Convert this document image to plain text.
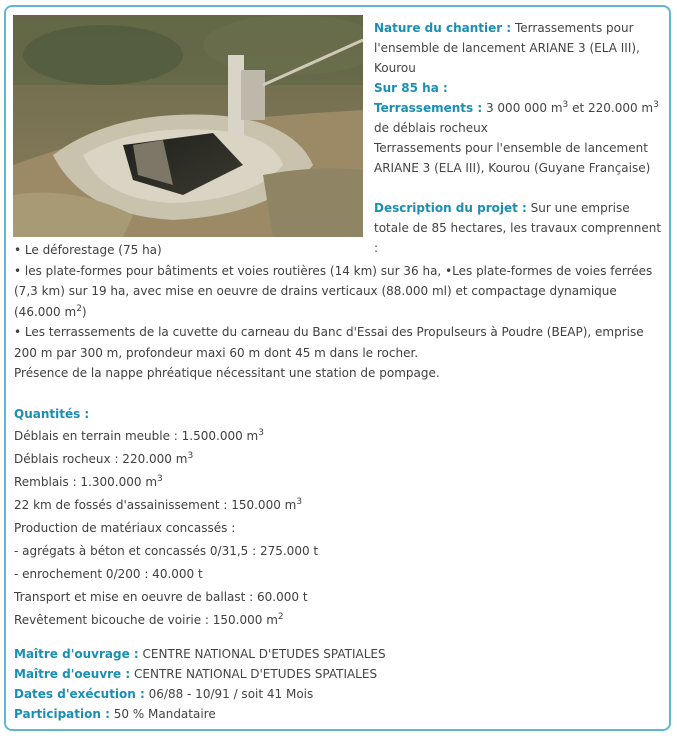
Nature du chantier : Terrassements pour l'ensemble de lancement ARIANE 3 (ELA III), Kourou

Sur 85 ha :

Terrassements : 3 000 000 $m^3$ et 220.000 $m^3$ de déblais rocheux

Terrassements pour l'ensemble de lancement ARIANE 3 (ELA III), Kourou (Guyane Française)

Description du projet : Sur une emprise totale de 85 hectares, les travaux comprennent :

• Le déforestage (75 ha)

• les plate-formes pour bâtiments et voies routières (14 km) sur 36 ha, •Les plate-formes de voies ferrées (7,3 km) sur 19 ha, avec mise en oeuvre de drains verticaux (88.000 ml) et compactage dynamique (46.000 $m^2$)

• Les terrassements de la cuvette du carneau du Banc d'Essai des Propulseurs à Poudre (BEAP), emprise 200 m par 300 m, profondeur maxi 60 m dont 45 m dans le rocher.

Présence de la nappe phréatique nécessitant une station de pompage.

Quantités :

Déblais en terrain meuble : 1.500.000 $m^3$

Déblais rocheux : 220.000 $m^3$

Remblais : 1.300.000 $m^3$

22 km de fossés d'assainissement : 150.000 $m^3$

Production de matériaux concassés :

- agrégats à béton et concassés 0/31,5 : 275.000 t

- enrochement 0/200 : 40.000 t

Transport et mise en oeuvre de ballast : 60.000 t

Revêtement bicouche de voirie : 150.000 $m^2$

Maître d'ouvrage : CENTRE NATIONAL D'ETUDES SPATIALES

Maître d'oeuvre : CENTRE NATIONAL D'ETUDES SPATIALES

Dates d'exécution : 06/88 - 10/91 / soit 41 Mois

Participation : 50 % Mandataire
